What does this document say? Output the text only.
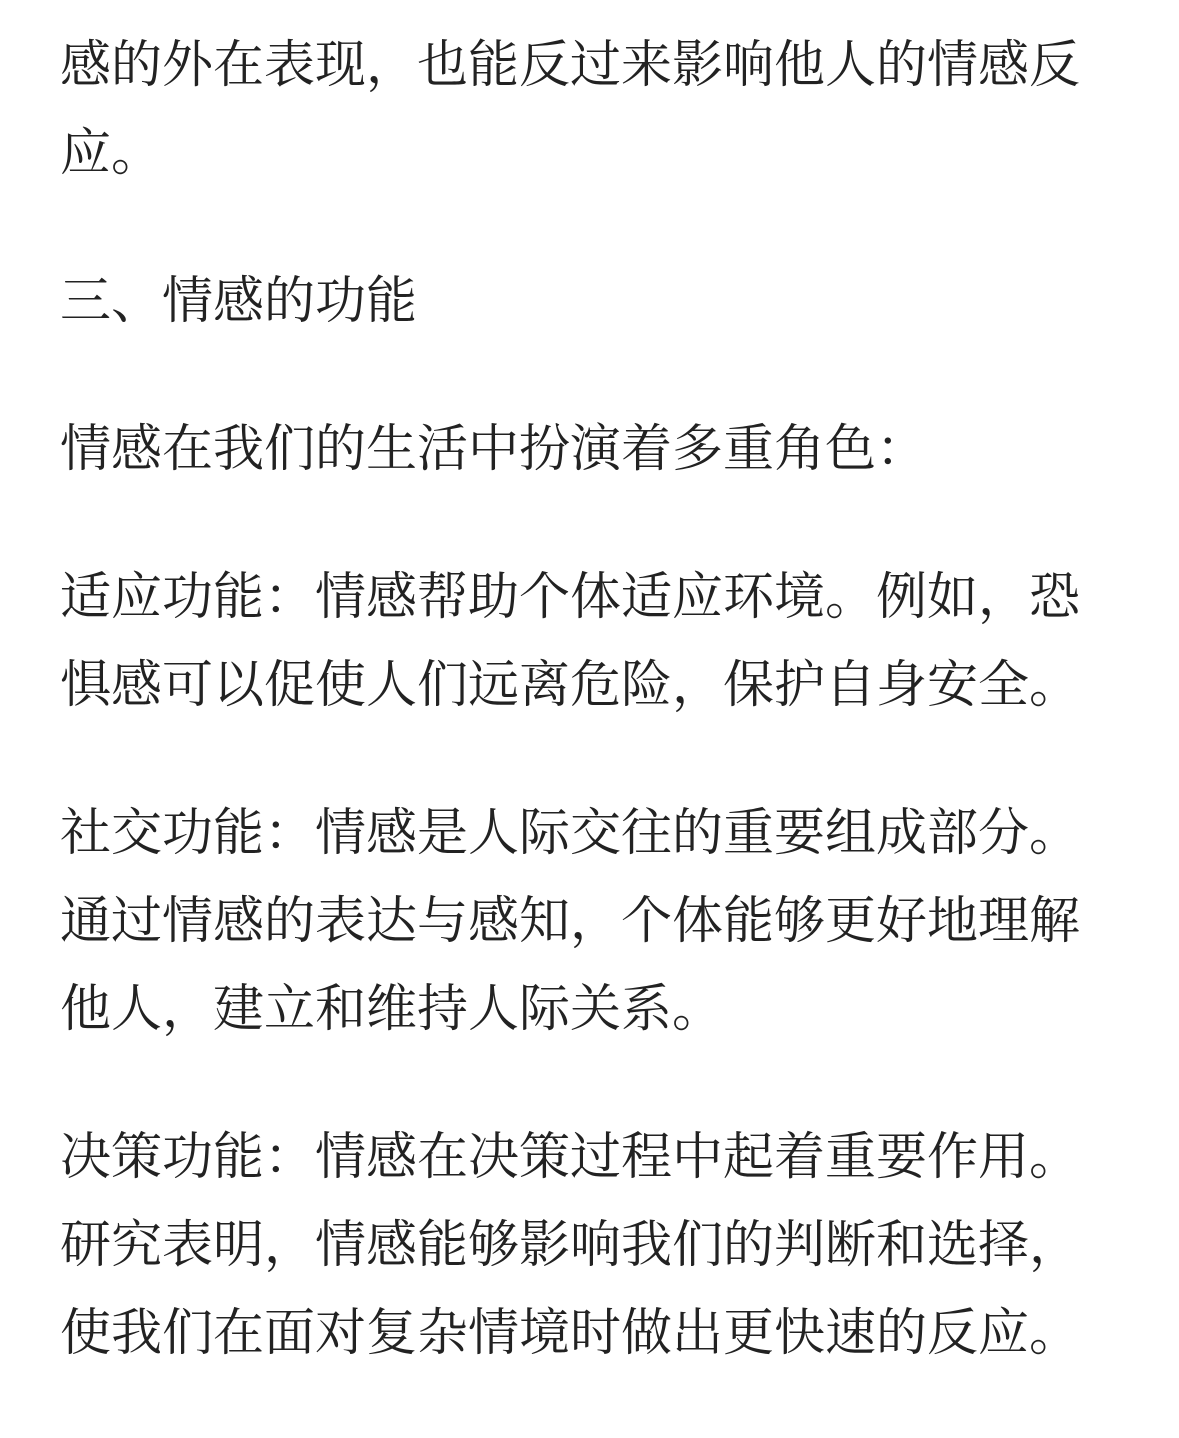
感的外在表现，也能反过来影响他人的情感反
应。
三、情感的功能
情感在我们的生活中扮演着多重角色：
适应功能：情感帮助个体适应环境。例如，恐
惧感可以促使人们远离危险，保护自身安全。
社交功能：情感是人际交往的重要组成部分。
通过情感的表达与感知，个体能够更好地理解
他人，建立和维持人际关系。
决策功能：情感在决策过程中起着重要作用。
研究表明，情感能够影响我们的判断和选择，
使我们在面对复杂情境时做出更快速的反应。
